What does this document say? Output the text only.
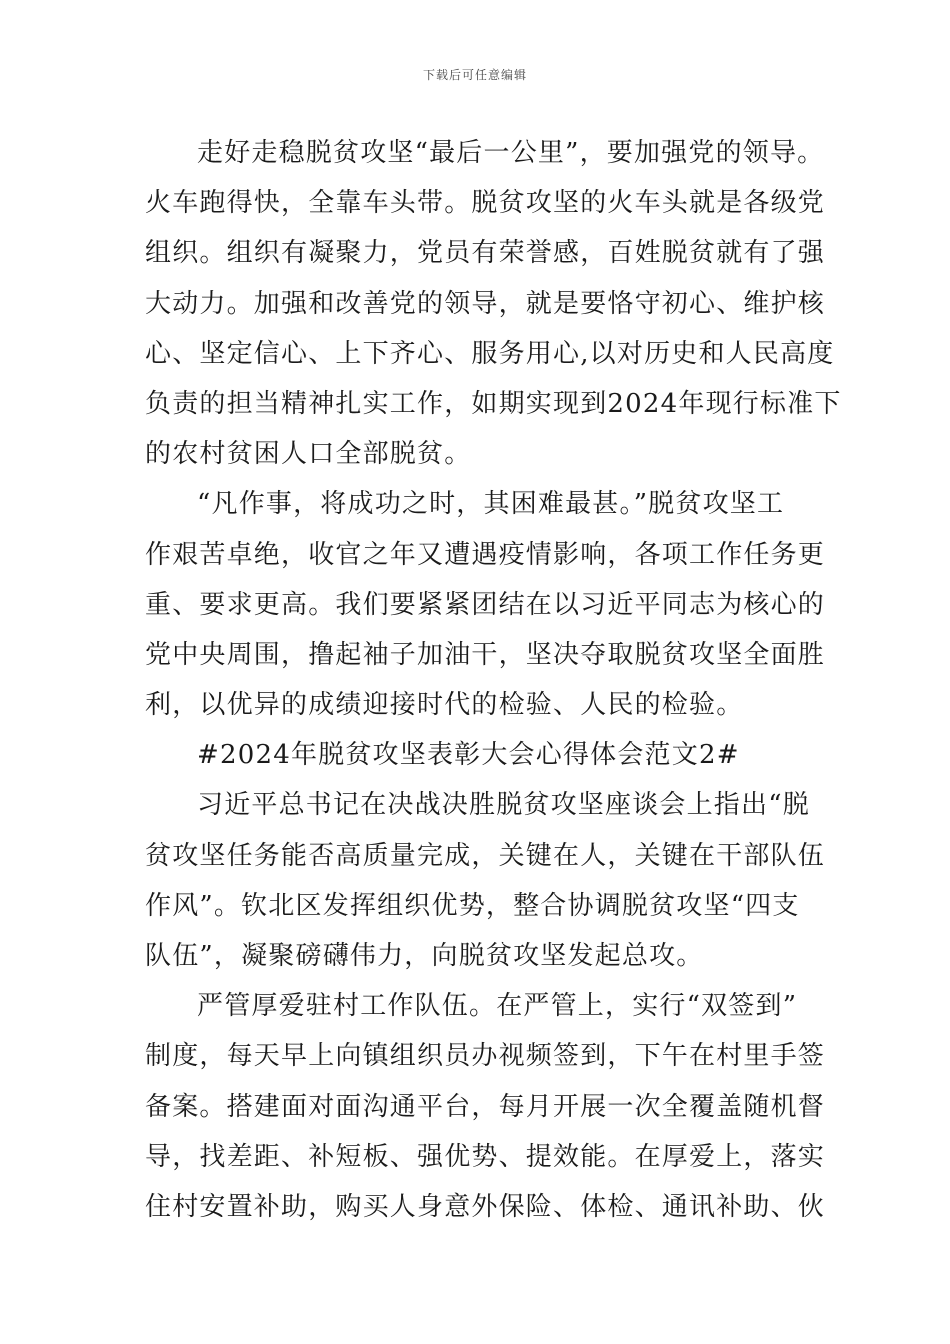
下载后可任意编辑
走好走稳脱贫攻坚“最后一公里”，要加强党的领导。
火车跑得快，全靠车头带。脱贫攻坚的火车头就是各级党
组织。组织有凝聚力，党员有荣誉感，百姓脱贫就有了强
大动力。加强和改善党的领导，就是要恪守初心、维护核
心、坚定信心、上下齐心、服务用心,以对历史和人民高度
负责的担当精神扎实工作，如期实现到2024年现行标准下
的农村贫困人口全部脱贫。
“凡作事，将成功之时，其困难最甚。”脱贫攻坚工
作艰苦卓绝，收官之年又遭遇疫情影响，各项工作任务更
重、要求更高。我们要紧紧团结在以习近平同志为核心的
党中央周围，撸起袖子加油干，坚决夺取脱贫攻坚全面胜
利，以优异的成绩迎接时代的检验、人民的检验。
#2024年脱贫攻坚表彰大会心得体会范文2#
习近平总书记在决战决胜脱贫攻坚座谈会上指出“脱
贫攻坚任务能否高质量完成，关键在人，关键在干部队伍
作风”。钦北区发挥组织优势，整合协调脱贫攻坚“四支
队伍”，凝聚磅礴伟力，向脱贫攻坚发起总攻。
严管厚爱驻村工作队伍。在严管上，实行“双签到”
制度，每天早上向镇组织员办视频签到，下午在村里手签
备案。搭建面对面沟通平台，每月开展一次全覆盖随机督
导，找差距、补短板、强优势、提效能。在厚爱上，落实
住村安置补助，购买人身意外保险、体检、通讯补助、伙
